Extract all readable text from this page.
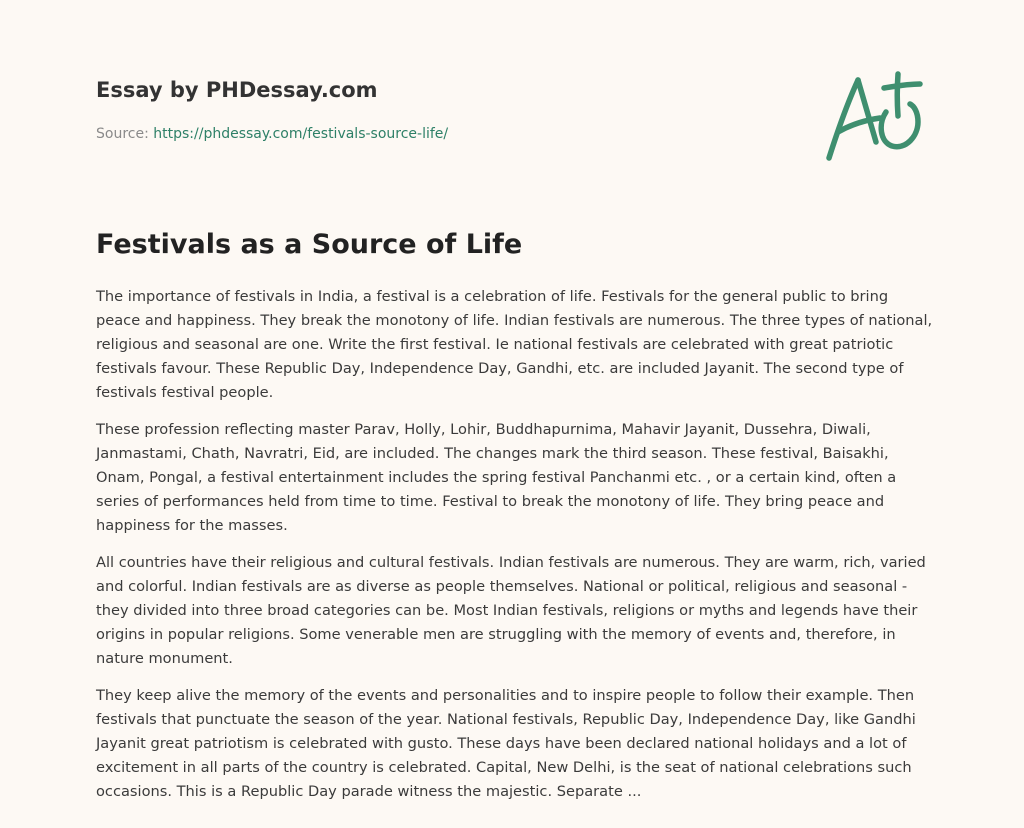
Essay by PHDessay.com
Source: https://phdessay.com/festivals-source-life/
Festivals as a Source of Life

The importance of festivals in India, a festival is a celebration of life. Festivals for the general public to bring peace and happiness. They break the monotony of life. Indian festivals are numerous. The three types of national, religious and seasonal are one. Write the first festival. Ie national festivals are celebrated with great patriotic festivals favour. These Republic Day, Independence Day, Gandhi, etc. are included Jayanit. The second type of festivals festival people.

These profession reflecting master Parav, Holly, Lohir, Buddhapurnima, Mahavir Jayanit, Dussehra, Diwali, Janmastami, Chath, Navratri, Eid, are included. The changes mark the third season. These festival, Baisakhi, Onam, Pongal, a festival entertainment includes the spring festival Panchanmi etc. , or a certain kind, often a series of performances held from time to time. Festival to break the monotony of life. They bring peace and happiness for the masses.

All countries have their religious and cultural festivals. Indian festivals are numerous. They are warm, rich, varied and colorful. Indian festivals are as diverse as people themselves. National or political, religious and seasonal - they divided into three broad categories can be. Most Indian festivals, religions or myths and legends have their origins in popular religions. Some venerable men are struggling with the memory of events and, therefore, in nature monument.

They keep alive the memory of the events and personalities and to inspire people to follow their example. Then festivals that punctuate the season of the year. National festivals, Republic Day, Independence Day, like Gandhi Jayanit great patriotism is celebrated with gusto. These days have been declared national holidays and a lot of excitement in all parts of the country is celebrated. Capital, New Delhi, is the seat of national celebrations such occasions. This is a Republic Day parade witness the majestic. Separate ...
